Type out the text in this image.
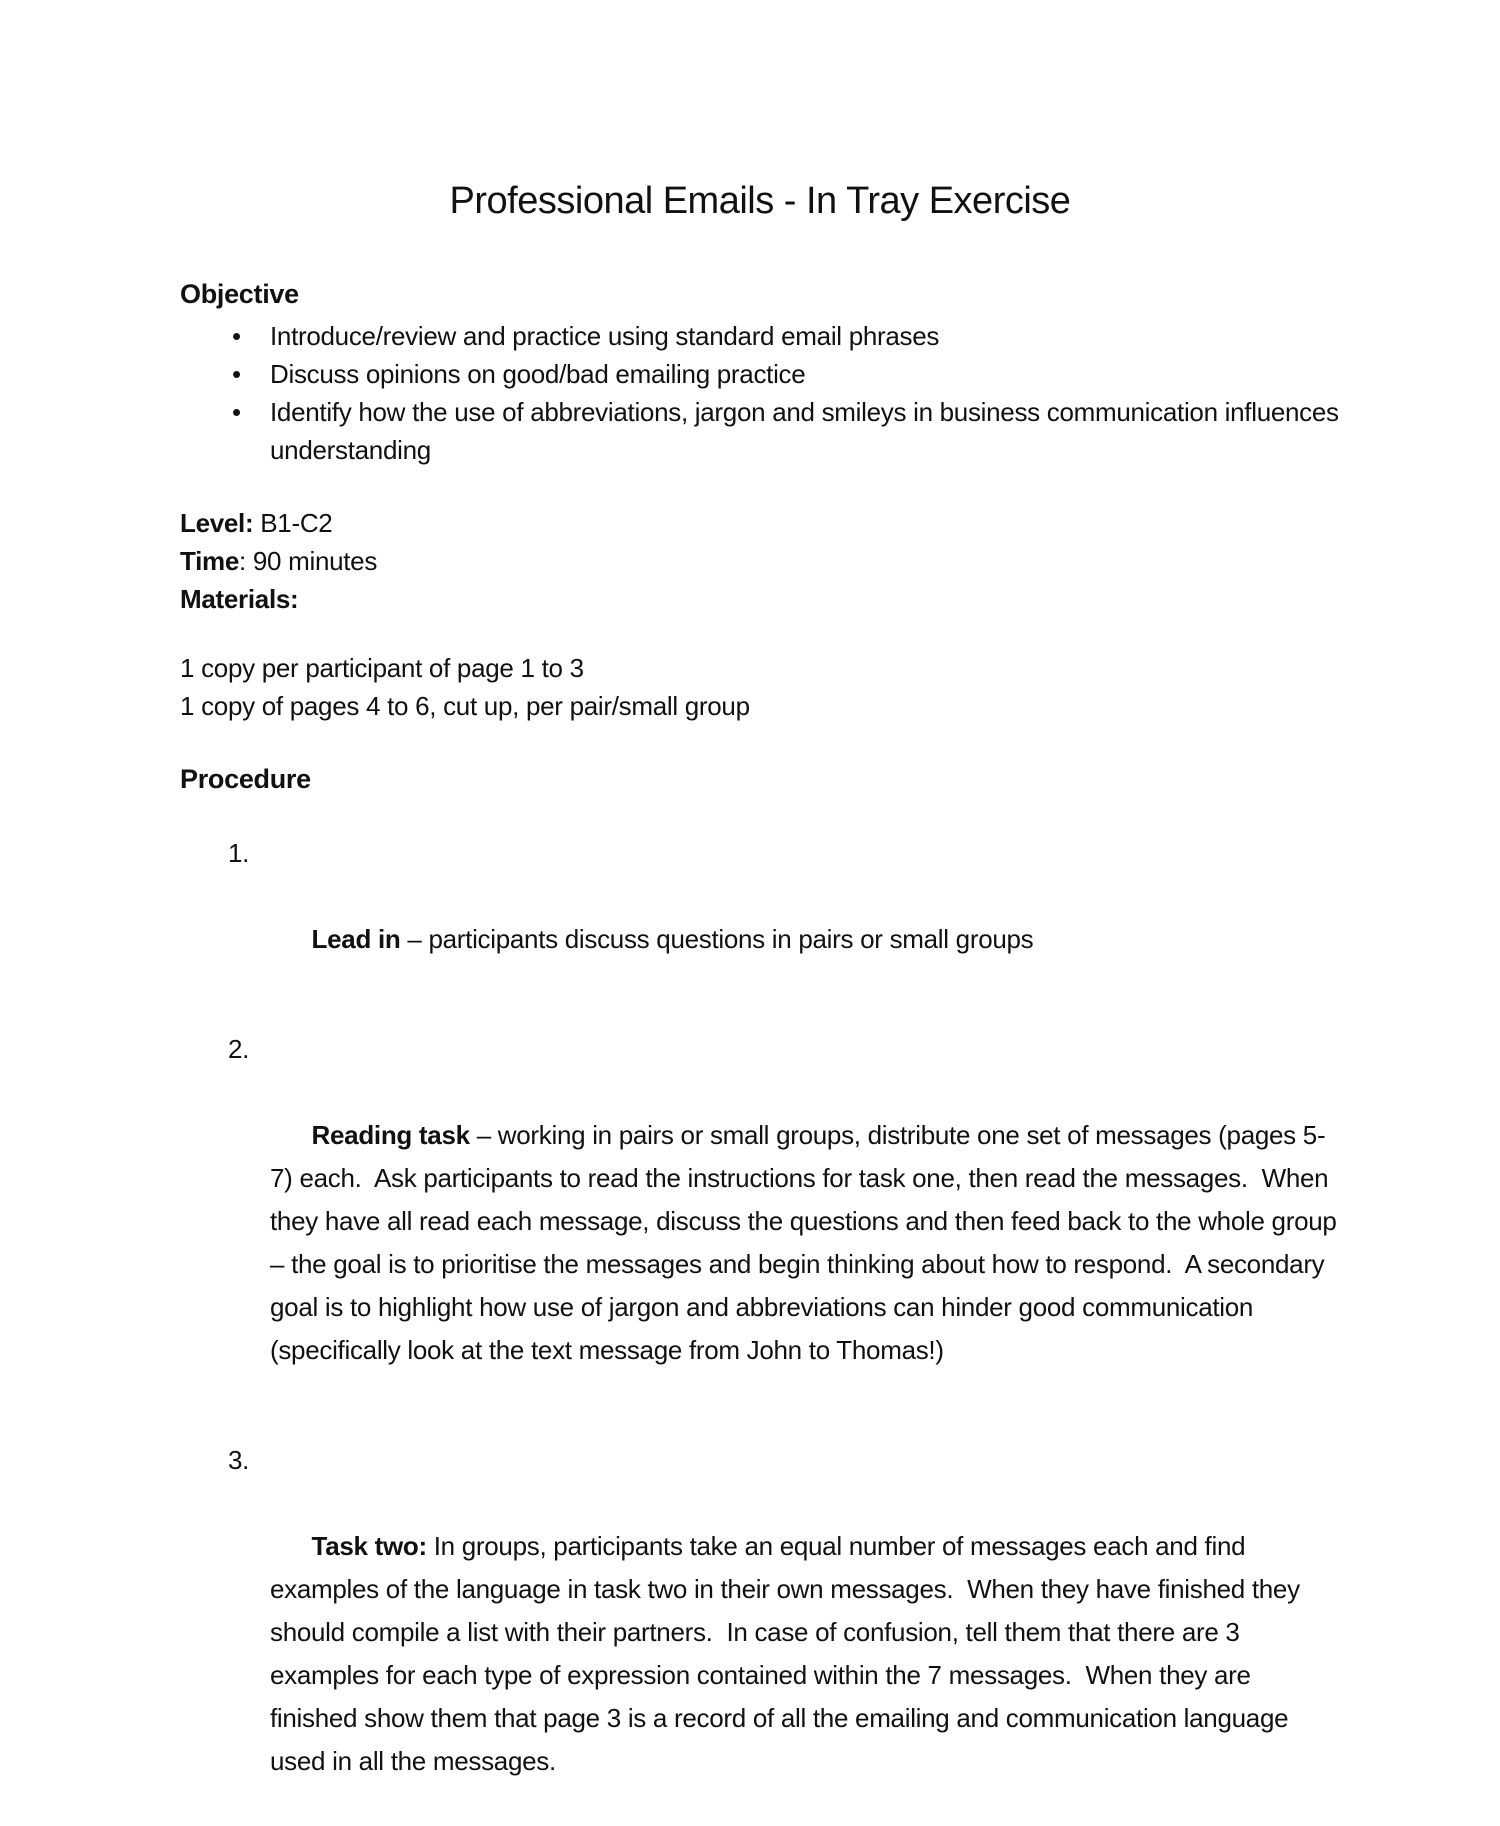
Professional Emails - In Tray Exercise
Objective
• Introduce/review and practice using standard email phrases
• Discuss opinions on good/bad emailing practice
• Identify how the use of abbreviations, jargon and smileys in business communication influences understanding

Level: B1-C2

Time: 90 minutes

Materials:

1 copy per participant of page 1 to 3

1 copy of pages 4 to 6, cut up, per pair/small group

Procedure

1.

Lead in – participants discuss questions in pairs or small groups

2.

Reading task – working in pairs or small groups, distribute one set of messages (pages 5-7) each.  Ask participants to read the instructions for task one, then read the messages.  When they have all read each message, discuss the questions and then feed back to the whole group – the goal is to prioritise the messages and begin thinking about how to respond.  A secondary goal is to highlight how use of jargon and abbreviations can hinder good communication (specifically look at the text message from John to Thomas!)

3.

Task two: In groups, participants take an equal number of messages each and find examples of the language in task two in their own messages.  When they have finished they should compile a list with their partners.  In case of confusion, tell them that there are 3 examples for each type of expression contained within the 7 messages.  When they are finished show them that page 3 is a record of all the emailing and communication language used in all the messages.
